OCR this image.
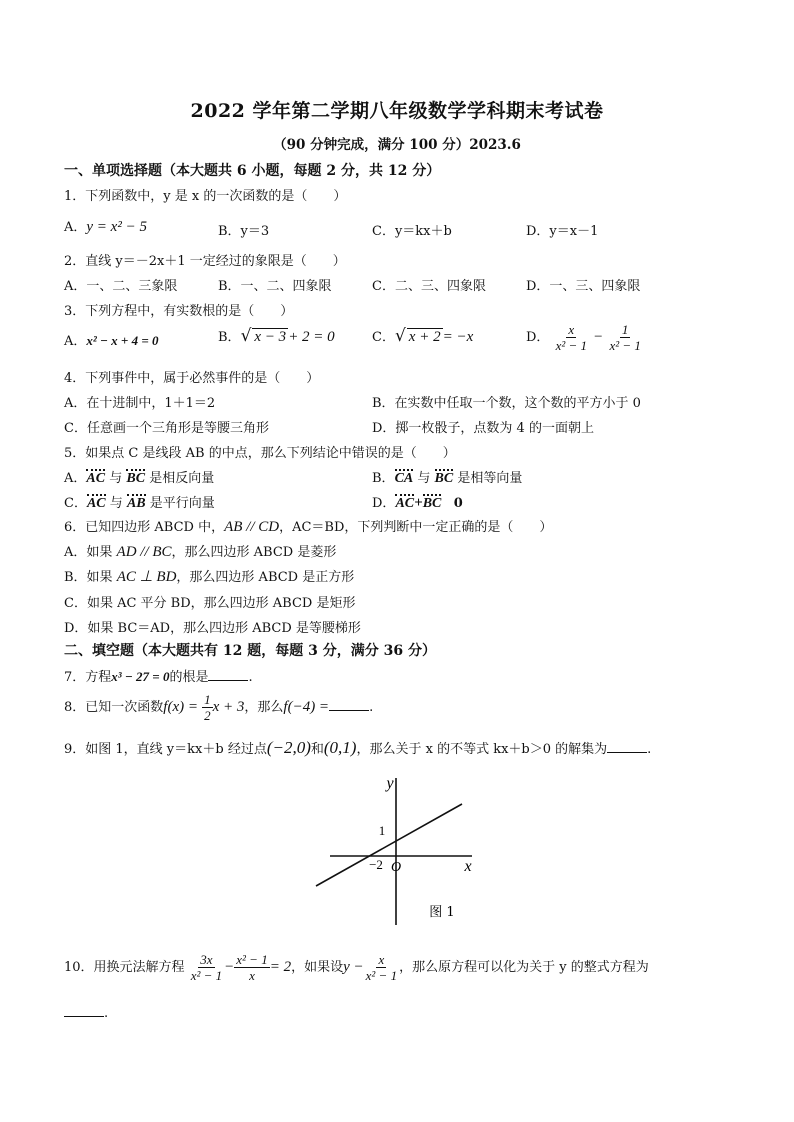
2022 学年第二学期八年级数学学科期末考试卷
（90 分钟完成，满分 100 分）2023.6
一、单项选择题（本大题共 6 小题，每题 2 分，共 12 分）
1．下列函数中，y 是 x 的一次函数的是（　　）
A．y = x² − 5	B．y＝3	C．y＝kx＋b	D．y＝x－1
2．直线 y＝－2x＋1 一定经过的象限是（　　）
A．一、二、三象限	B．一、二、四象限	C．二、三、四象限	D．一、三、四象限
3．下列方程中，有实数根的是（　　）
A．x² − x + 4 = 0	B．√ x − 3 + 2 = 0	C．√ x + 2 = −x	D． $\frac{x}{\text{x² − 1}} - \frac{1}{\text{x² − 1}}$
4．下列事件中，属于必然事件的是（　　）
A．在十进制中，1＋1＝2	B．在实数中任取一个数，这个数的平方小于 0
C．任意画一个三角形是等腰三角形	D．掷一枚骰子，点数为 4 的一面朝上
5．如果点 C 是线段 AB 的中点，那么下列结论中错误的是（　　）
A．AC 与 BC 是相反向量	B．CA 与 BC 是相等向量
C．AC 与 AB 是平行向量	D．AC+BC 0
6．已知四边形 ABCD 中，AB // CD，AC＝BD，下列判断中一定正确的是（　　）
A．如果 AD // BC，那么四边形 ABCD 是菱形
B．如果 AC ⊥ BD，那么四边形 ABCD 是正方形
C．如果 AC 平分 BD，那么四边形 ABCD 是矩形
D．如果 BC＝AD，那么四边形 ABCD 是等腰梯形
二、填空题（本大题共有 12 题，每题 3 分，满分 36 分）
7．方程x³ − 27 = 0的根是	.
8．已知一次函数$f(x) = \frac{1}{2}$ x + 3，那么f(−4) =	.
9．如图 1，直线 y＝kx＋b 经过点(−2,0)和(0,1)，那么关于 x 的不等式 kx＋b＞0 的解集为	.
y
x
O
−2
1
图 1
10．用换元法解方程 $\frac{3x}{\text{x² − 1}} - \frac{\text{x² − 1}}{x} = 2$，如果设$y - \frac{x}{\text{x² − 1}}$ ，那么原方程可以化为关于 y 的整式方程为
.
